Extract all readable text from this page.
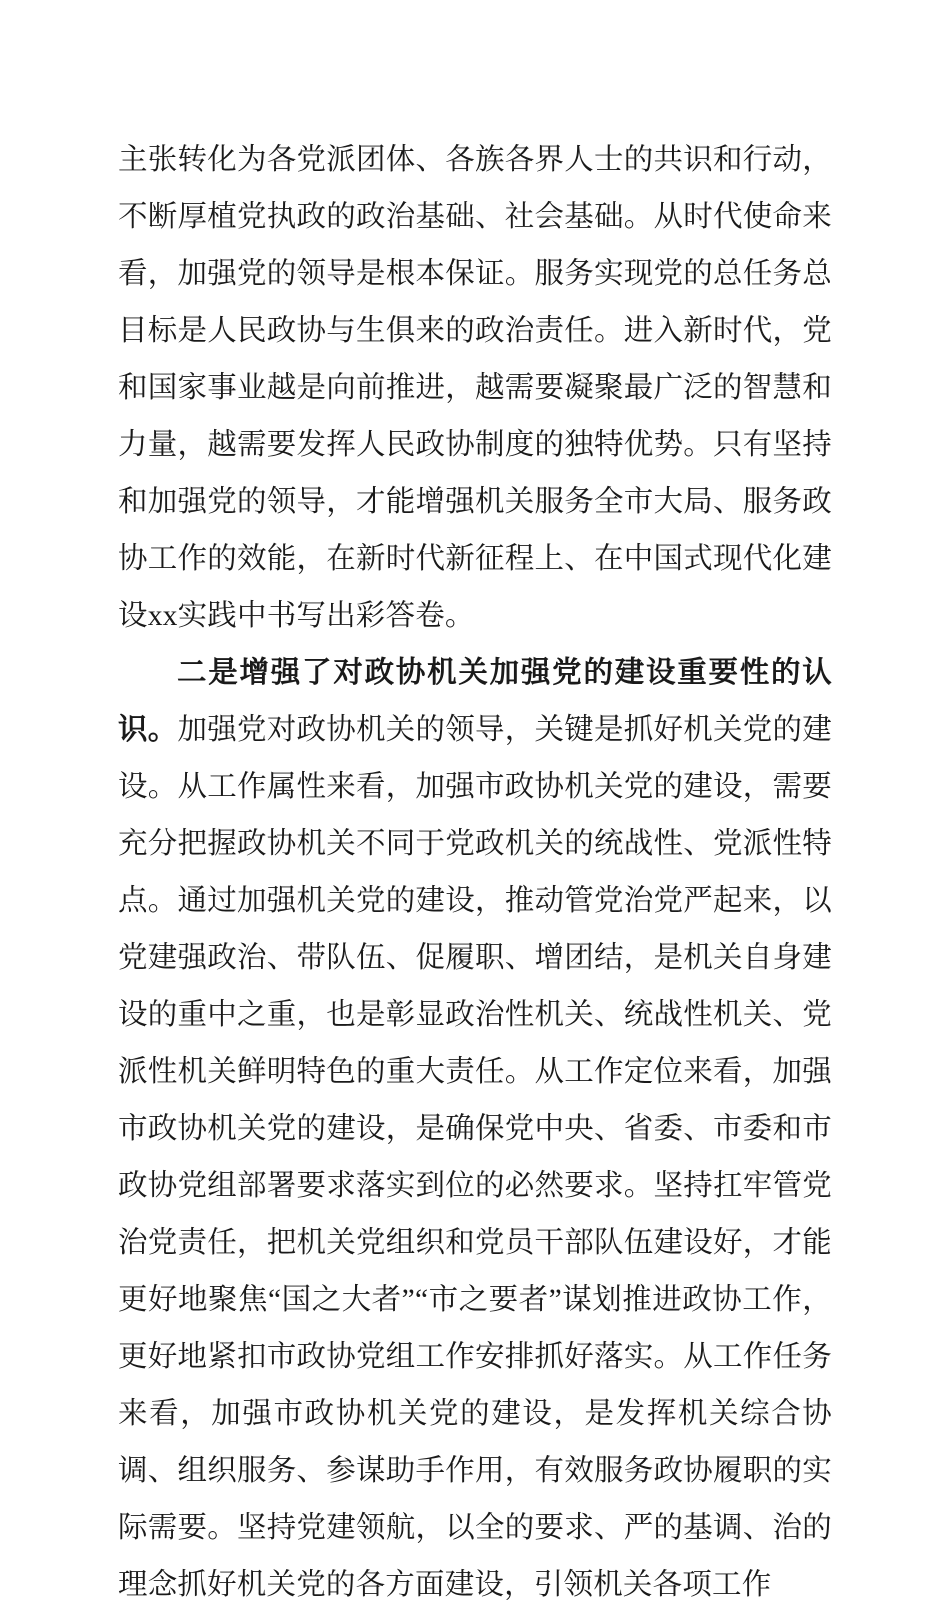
主张转化为各党派团体、各族各界人士的共识和行动，不断厚植党执政的政治基础、社会基础。从时代使命来看，加强党的领导是根本保证。服务实现党的总任务总目标是人民政协与生俱来的政治责任。进入新时代，党和国家事业越是向前推进，越需要凝聚最广泛的智慧和力量，越需要发挥人民政协制度的独特优势。只有坚持和加强党的领导，才能增强机关服务全市大局、服务政协工作的效能，在新时代新征程上、在中国式现代化建设xx实践中书写出彩答卷。

二是增强了对政协机关加强党的建设重要性的认识。加强党对政协机关的领导，关键是抓好机关党的建设。从工作属性来看，加强市政协机关党的建设，需要充分把握政协机关不同于党政机关的统战性、党派性特点。通过加强机关党的建设，推动管党治党严起来，以党建强政治、带队伍、促履职、增团结，是机关自身建设的重中之重，也是彰显政治性机关、统战性机关、党派性机关鲜明特色的重大责任。从工作定位来看，加强市政协机关党的建设，是确保党中央、省委、市委和市政协党组部署要求落实到位的必然要求。坚持扛牢管党治党责任，把机关党组织和党员干部队伍建设好，才能更好地聚焦“国之大者”“市之要者”谋划推进政协工作，更好地紧扣市政协党组工作安排抓好落实。从工作任务来看，加强市政协机关党的建设，是发挥机关综合协调、组织服务、参谋助手作用，有效服务政协履职的实际需要。坚持党建领航，以全的要求、严的基调、治的理念抓好机关党的各方面建设，引领机关各项工作
